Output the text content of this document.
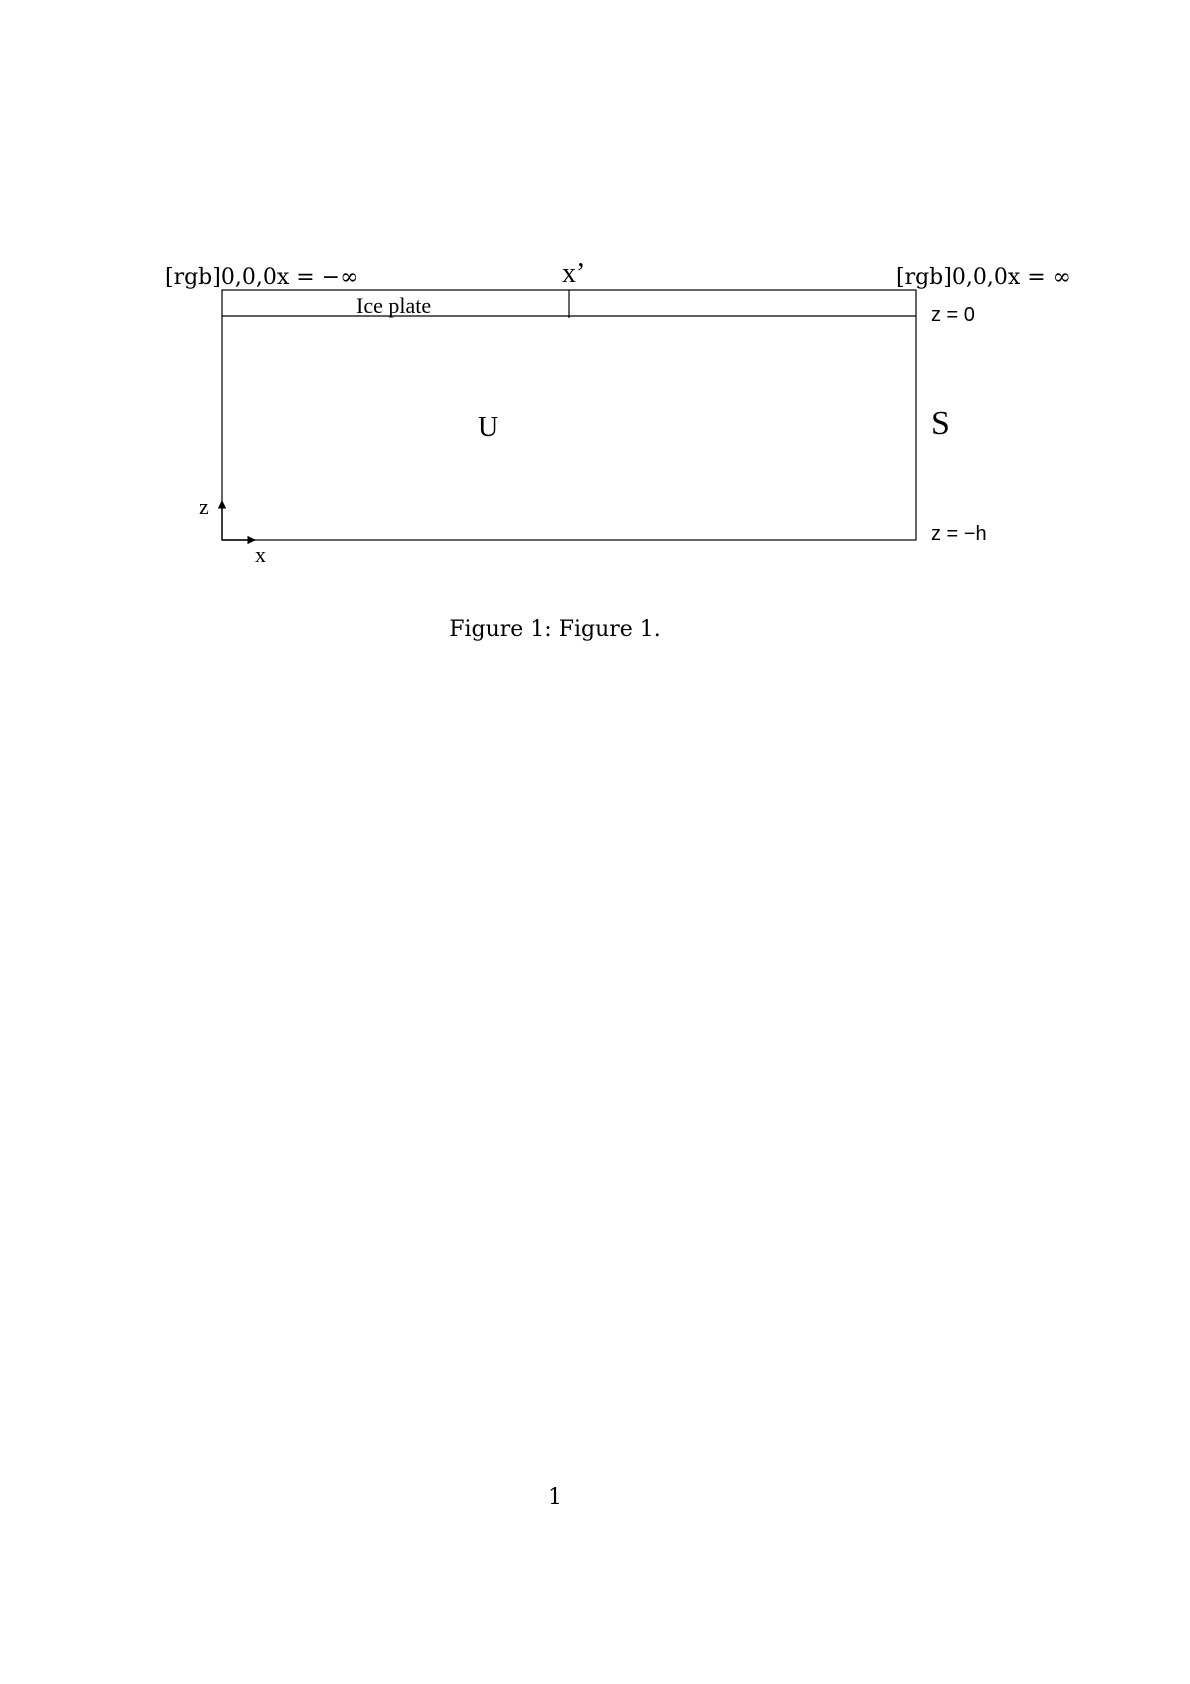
[rgb]0,0,0x = −∞	[rgb]0,0,0x = ∞
x’
Ice plate	z = 0
z = −h
U	S
z
x
Figure 1: Figure 1.
1
